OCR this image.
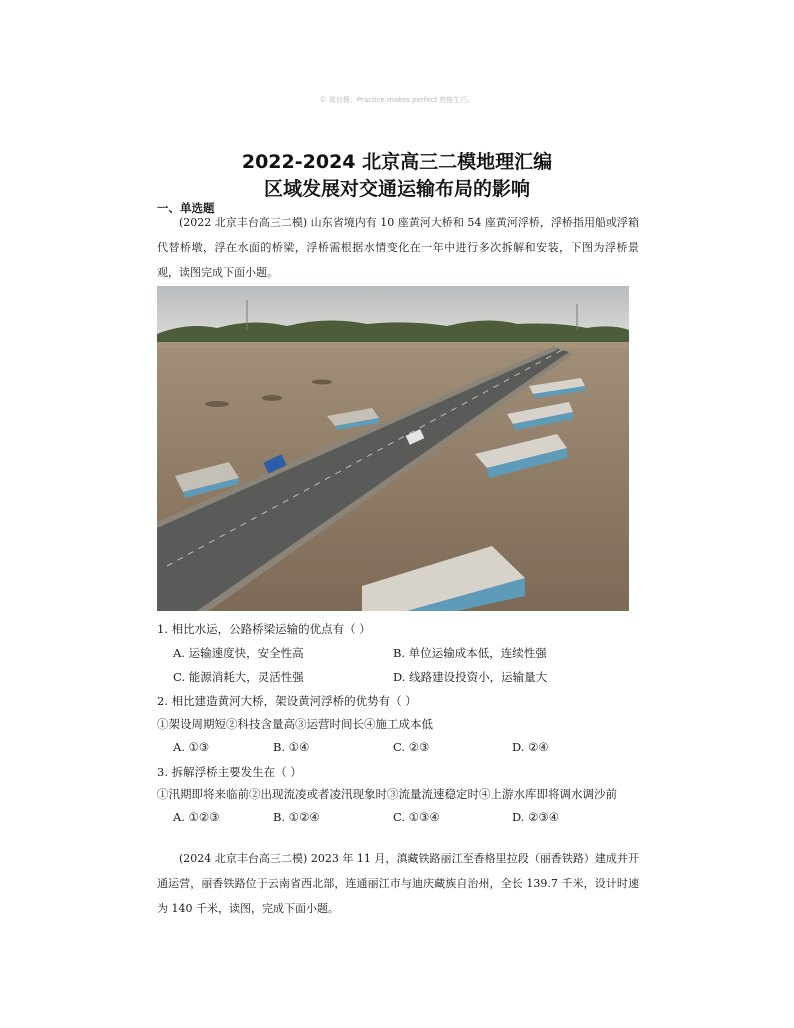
© 微信搜：Practice makes perfect 熟能生巧。
2022-2024 北京高三二模地理汇编
区域发展对交通运输布局的影响
一、单选题
(2022 北京丰台高三二模) 山东省境内有 10 座黄河大桥和 54 座黄河浮桥，浮桥指用船或浮箱代替桥墩，浮在水面的桥梁，浮桥需根据水情变化在一年中进行多次拆解和安装，下图为浮桥景观，读图完成下面小题。
1. 相比水运，公路桥梁运输的优点有（ ）
A. 运输速度快，安全性高	B. 单位运输成本低，连续性强
C. 能源消耗大，灵活性强	D. 线路建设投资小，运输量大
2. 相比建造黄河大桥，架设黄河浮桥的优势有（ ）
①架设周期短②科技含量高③运营时间长④施工成本低
A. ①③	B. ①④	C. ②③	D. ②④
3. 拆解浮桥主要发生在（ ）
①汛期即将来临前②出现流凌或者凌汛现象时③流量流速稳定时④上游水库即将调水调沙前
A. ①②③	B. ①②④	C. ①③④	D. ②③④
(2024 北京丰台高三二模) 2023 年 11 月，滇藏铁路丽江至香格里拉段（丽香铁路）建成并开通运营，丽香铁路位于云南省西北部，连通丽江市与迪庆藏族自治州，全长 139.7 千米，设计时速为 140 千米，读图，完成下面小题。
